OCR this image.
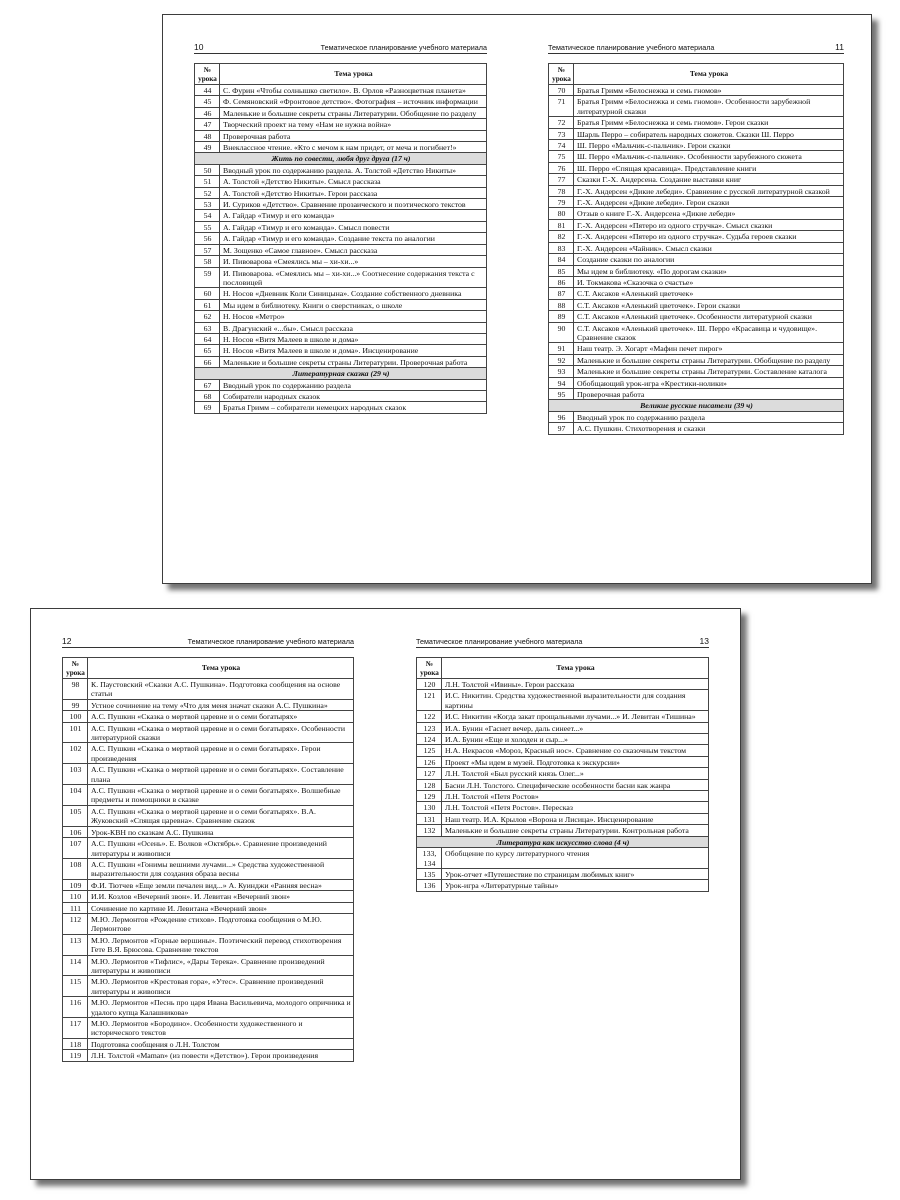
10	Тематическое планирование учебного материала
№
урока	Тема урока
44	С. Фурин «Чтобы солнышко светило». В. Орлов «Разноцветная планета»
45	Ф. Семяновский «Фронтовое детство». Фотография – источник информации
46	Маленькие и большие секреты страны Литературии. Обобщение по разделу
47	Творческий проект на тему «Нам не нужна война»
48	Проверочная работа
49	Внеклассное чтение. «Кто с мечом к нам придет, от меча и погибнет!»
Жить по совести, любя друг друга (17 ч)	
50	Вводный урок по содержанию раздела. А. Толстой «Детство Никиты»
51	А. Толстой «Детство Никиты». Смысл рассказа
52	А. Толстой «Детство Никиты». Герои рассказа
53	И. Суриков «Детство». Сравнение прозаического и поэтического текстов
54	А. Гайдар «Тимур и его команда»
55	А. Гайдар «Тимур и его команда». Смысл повести
56	А. Гайдар «Тимур и его команда». Создание текста по аналогии
57	М. Зощенко «Самое главное». Смысл рассказа
58	И. Пивоварова «Смеялись мы – хи-хи...»
59	И. Пивоварова. «Смеялись мы – хи-хи...» Соотнесение содержания текста с пословицей
60	Н. Носов «Дневник Коли Синицына». Создание собственного дневника
61	Мы идем в библиотеку. Книги о сверстниках, о школе
62	Н. Носов «Метро»
63	В. Драгунский «...бы». Смысл рассказа
64	Н. Носов «Витя Малеев в школе и дома»
65	Н. Носов «Витя Малеев в школе и дома». Инсценирование
66	Маленькие и большие секреты страны Литературии. Проверочная работа
Литературная сказка (29 ч)	
67	Вводный урок по содержанию раздела
68	Собиратели народных сказок
69	Братья Гримм – собиратели немецких народных сказок
11
Тематическое планирование учебного материала
№
урока	Тема урока
70	Братья Гримм «Белоснежка и семь гномов»
71	Братья Гримм «Белоснежка и семь гномов». Особенности зарубежной литературной сказки
72	Братья Гримм «Белоснежка и семь гномов». Герои сказки
73	Шарль Перро – собиратель народных сюжетов. Сказки Ш. Перро
74	Ш. Перро «Мальчик-с-пальчик». Герои сказки
75	Ш. Перро «Мальчик-с-пальчик». Особенности зарубежного сюжета
76	Ш. Перро «Спящая красавица». Представление книги
77	Сказки Г.-Х. Андерсена. Создание выставки книг
78	Г.-Х. Андерсен «Дикие лебеди». Сравнение с русской литературной сказкой
79	Г.-Х. Андерсен «Дикие лебеди». Герои сказки
80	Отзыв о книге Г.-Х. Андерсена «Дикие лебеди»
81	Г.-Х. Андерсен «Пятеро из одного стручка». Смысл сказки
82	Г.-Х. Андерсен «Пятеро из одного стручка». Судьба героев сказки
83	Г.-Х. Андерсен «Чайник». Смысл сказки
84	Создание сказки по аналогии
85	Мы идем в библиотеку. «По дорогам сказки»
86	И. Токмакова «Сказочка о счастье»
87	С.Т. Аксаков «Аленький цветочек»
88	С.Т. Аксаков «Аленький цветочек». Герои сказки
89	С.Т. Аксаков «Аленький цветочек». Особенности литературной сказки
90	С.Т. Аксаков «Аленький цветочек». Ш. Перро «Красавица и чудовище». Сравнение сказок
91	Наш театр. Э. Хогарт «Мафин печет пирог»
92	Маленькие и большие секреты страны Литературии. Обобщение по разделу
93	Маленькие и большие секреты страны Литературии. Составление каталога
94	Обобщающий урок-игра «Крестики-нолики»
95	Проверочная работа
Великие русские писатели (39 ч)	
96	Вводный урок по содержанию раздела
97	А.С. Пушкин. Стихотворения и сказки
12	Тематическое планирование учебного материала
№
урока	Тема урока
98	К. Паустовский «Сказки А.С. Пушкина». Подготовка сообщения на основе статьи
99	Устное сочинение на тему «Что для меня значат сказки А.С. Пушкина»
100	А.С. Пушкин «Сказка о мертвой царевне и о семи богатырях»
101	А.С. Пушкин «Сказка о мертвой царевне и о семи богатырях». Особенности литературной сказки
102	А.С. Пушкин «Сказка о мертвой царевне и о семи богатырях». Герои произведения
103	А.С. Пушкин «Сказка о мертвой царевне и о семи богатырях». Составление плана
104	А.С. Пушкин «Сказка о мертвой царевне и о семи богатырях». Волшебные предметы и помощники в сказке
105	А.С. Пушкин «Сказка о мертвой царевне и о семи богатырях». В.А. Жуковский «Спящая царевна». Сравнение сказок
106	Урок-КВН по сказкам А.С. Пушкина
107	А.С. Пушкин «Осень». Е. Волков «Октябрь». Сравнение произведений литературы и живописи
108	А.С. Пушкин «Гонимы вешними лучами...» Средства художественной выразительности для создания образа весны
109	Ф.И. Тютчев «Еще земли печален вид...» А. Куинджи «Ранняя весна»
110	И.И. Козлов «Вечерний звон». И. Левитан «Вечерний звон»
111	Сочинение по картине И. Левитана «Вечерний звон»
112	М.Ю. Лермонтов «Рождение стихов». Подготовка сообщения о М.Ю. Лермонтове
113	М.Ю. Лермонтов «Горные вершины». Поэтический перевод стихотворения Гете В.Я. Брюсова. Сравнение текстов
114	М.Ю. Лермонтов «Тифлис», «Дары Терека». Сравнение произведений литературы и живописи
115	М.Ю. Лермонтов «Крестовая гора», «Утес». Сравнение произведений литературы и живописи
116	М.Ю. Лермонтов «Песнь про царя Ивана Васильевича, молодого опричника и удалого купца Калашникова»
117	М.Ю. Лермонтов «Бородино». Особенности художественного и исторического текстов
118	Подготовка сообщения о Л.Н. Толстом
119	Л.Н. Толстой «Maman» (из повести «Детство»). Герои произведения
13
Тематическое планирование учебного материала
№
урока	Тема урока
120	Л.Н. Толстой «Ивины». Герои рассказа
121	И.С. Никитин. Средства художественной выразительности для создания картины
122	И.С. Никитин «Когда закат прощальными лучами...» И. Левитан «Тишина»
123	И.А. Бунин «Гаснет вечер, даль синеет...»
124	И.А. Бунин «Еще и холоден и сыр...»
125	Н.А. Некрасов «Мороз, Красный нос». Сравнение со сказочным текстом
126	Проект «Мы идем в музей. Подготовка к экскурсии»
127	Л.Н. Толстой «Был русский князь Олег...»
128	Басни Л.Н. Толстого. Специфические особенности басни как жанра
129	Л.Н. Толстой «Петя Ростов»
130	Л.Н. Толстой «Петя Ростов». Пересказ
131	Наш театр. И.А. Крылов «Ворона и Лисица». Инсценирование
132	Маленькие и большие секреты страны Литературии. Контрольная работа
Литература как искусство слова (4 ч)	
133, 134	Обобщение по курсу литературного чтения
135	Урок-отчет «Путешествие по страницам любимых книг»
136	Урок-игра «Литературные тайны»
